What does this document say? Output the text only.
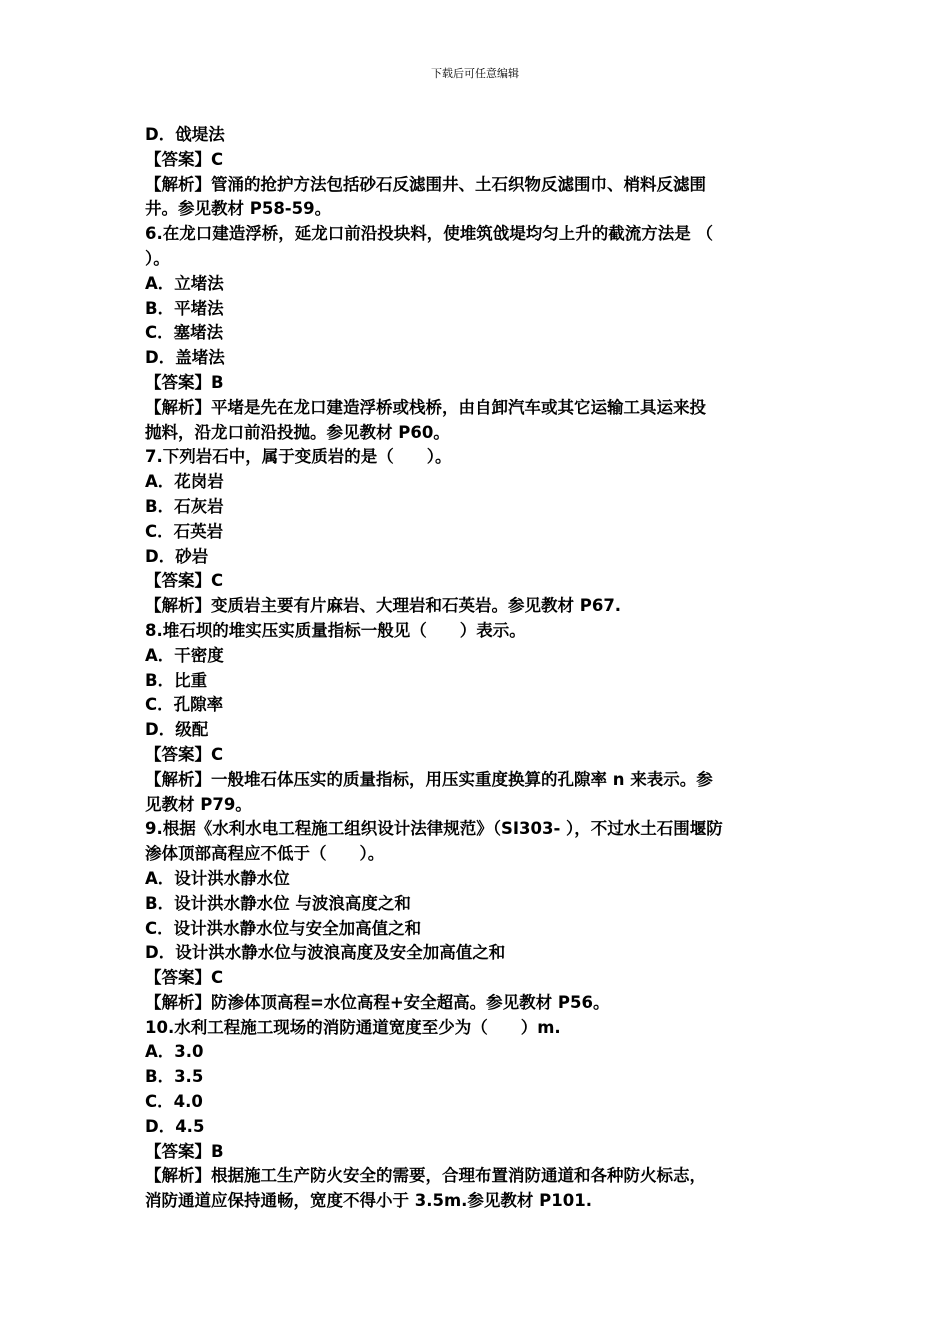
下载后可任意编辑
D．戗堤法
【答案】C
【解析】管涌的抢护方法包括砂石反滤围井、土石织物反滤围巾、梢料反滤围
井。参见教材 P58-59。
6.在龙口建造浮桥，延龙口前沿投块料，使堆筑戗堤均匀上升的截流方法是 （
）。
A．立堵法
B．平堵法
C．塞堵法
D．盖堵法
【答案】B
【解析】平堵是先在龙口建造浮桥或栈桥，由自卸汽车或其它运输工具运来投
抛料，沿龙口前沿投抛。参见教材 P60。
7.下列岩石中，属于变质岩的是（　　）。
A．花岗岩
B．石灰岩
C．石英岩
D．砂岩
【答案】C
【解析】变质岩主要有片麻岩、大理岩和石英岩。参见教材 P67.
8.堆石坝的堆实压实质量指标一般见（　　）表示。
A．干密度
B．比重
C．孔隙率
D．级配
【答案】C
【解析】一般堆石体压实的质量指标，用压实重度换算的孔隙率 n 来表示。参
见教材 P79。
9.根据《水利水电工程施工组织设计法律规范》（SI303- ），不过水土石围堰防
渗体顶部高程应不低于（　　）。
A．设计洪水静水位
B．设计洪水静水位 与波浪高度之和
C．设计洪水静水位与安全加高值之和
D．设计洪水静水位与波浪高度及安全加高值之和
【答案】C
【解析】防渗体顶高程=水位高程+安全超高。参见教材 P56。
10.水利工程施工现场的消防通道宽度至少为（　　）m.
A．3.0
B．3.5
C．4.0
D．4.5
【答案】B
【解析】根据施工生产防火安全的需要，合理布置消防通道和各种防火标志，
消防通道应保持通畅，宽度不得小于 3.5m.参见教材 P101.
